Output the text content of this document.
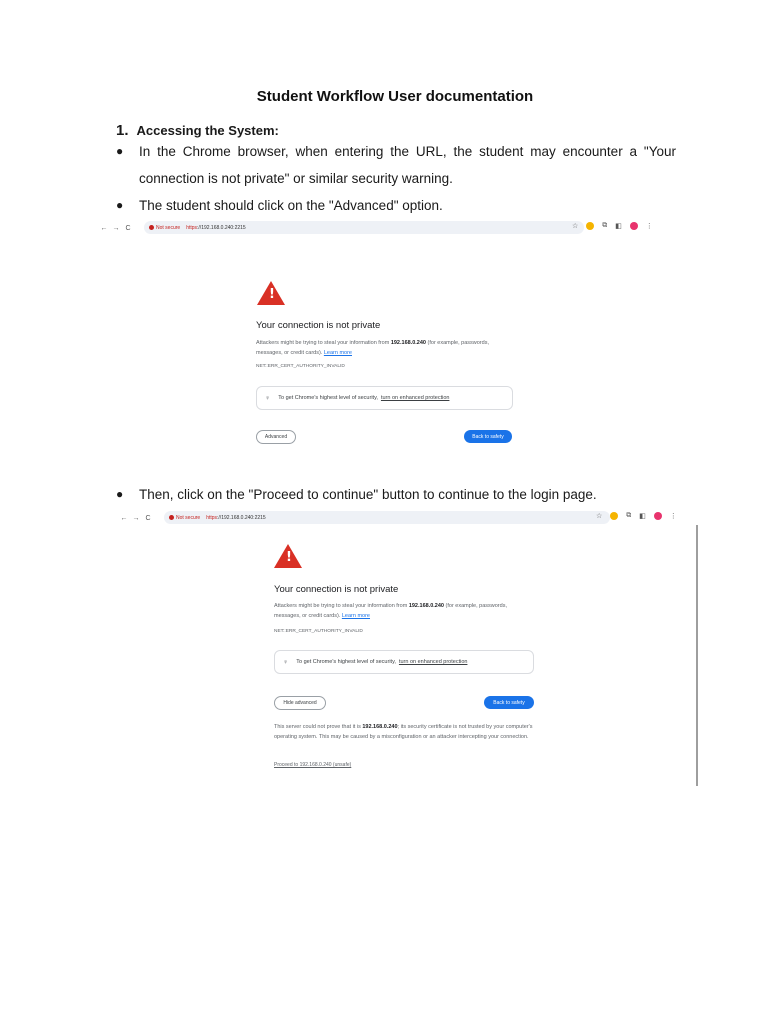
Student Workflow User documentation
1. Accessing the System:
● In the Chrome browser, when entering the URL, the student may encounter a "Your connection is not private" or similar security warning.
● The student should click on the "Advanced" option.
← → C	Not secure https ://192.168.0.240:2215	☆	⧉ ◧	⋮
!
Your connection is not private
Attackers might be trying to steal your information from 192.168.0.240 (for example, passwords, messages, or credit cards). Learn more
NET::ERR_CERT_AUTHORITY_INVALID
♀ To get Chrome's highest level of security, turn on enhanced protection
Advanced	Back to safety
● Then, click on the "Proceed to continue" button to continue to the login page.
← → C	Not secure https ://192.168.0.240:2215	☆	⧉ ◧	⋮
!
Your connection is not private
Attackers might be trying to steal your information from 192.168.0.240 (for example, passwords, messages, or credit cards). Learn more
NET::ERR_CERT_AUTHORITY_INVALID
♀ To get Chrome's highest level of security, turn on enhanced protection
Hide advanced	Back to safety
This server could not prove that it is 192.168.0.240; its security certificate is not trusted by your computer's operating system. This may be caused by a misconfiguration or an attacker intercepting your connection.
Proceed to 192.168.0.240 (unsafe)
